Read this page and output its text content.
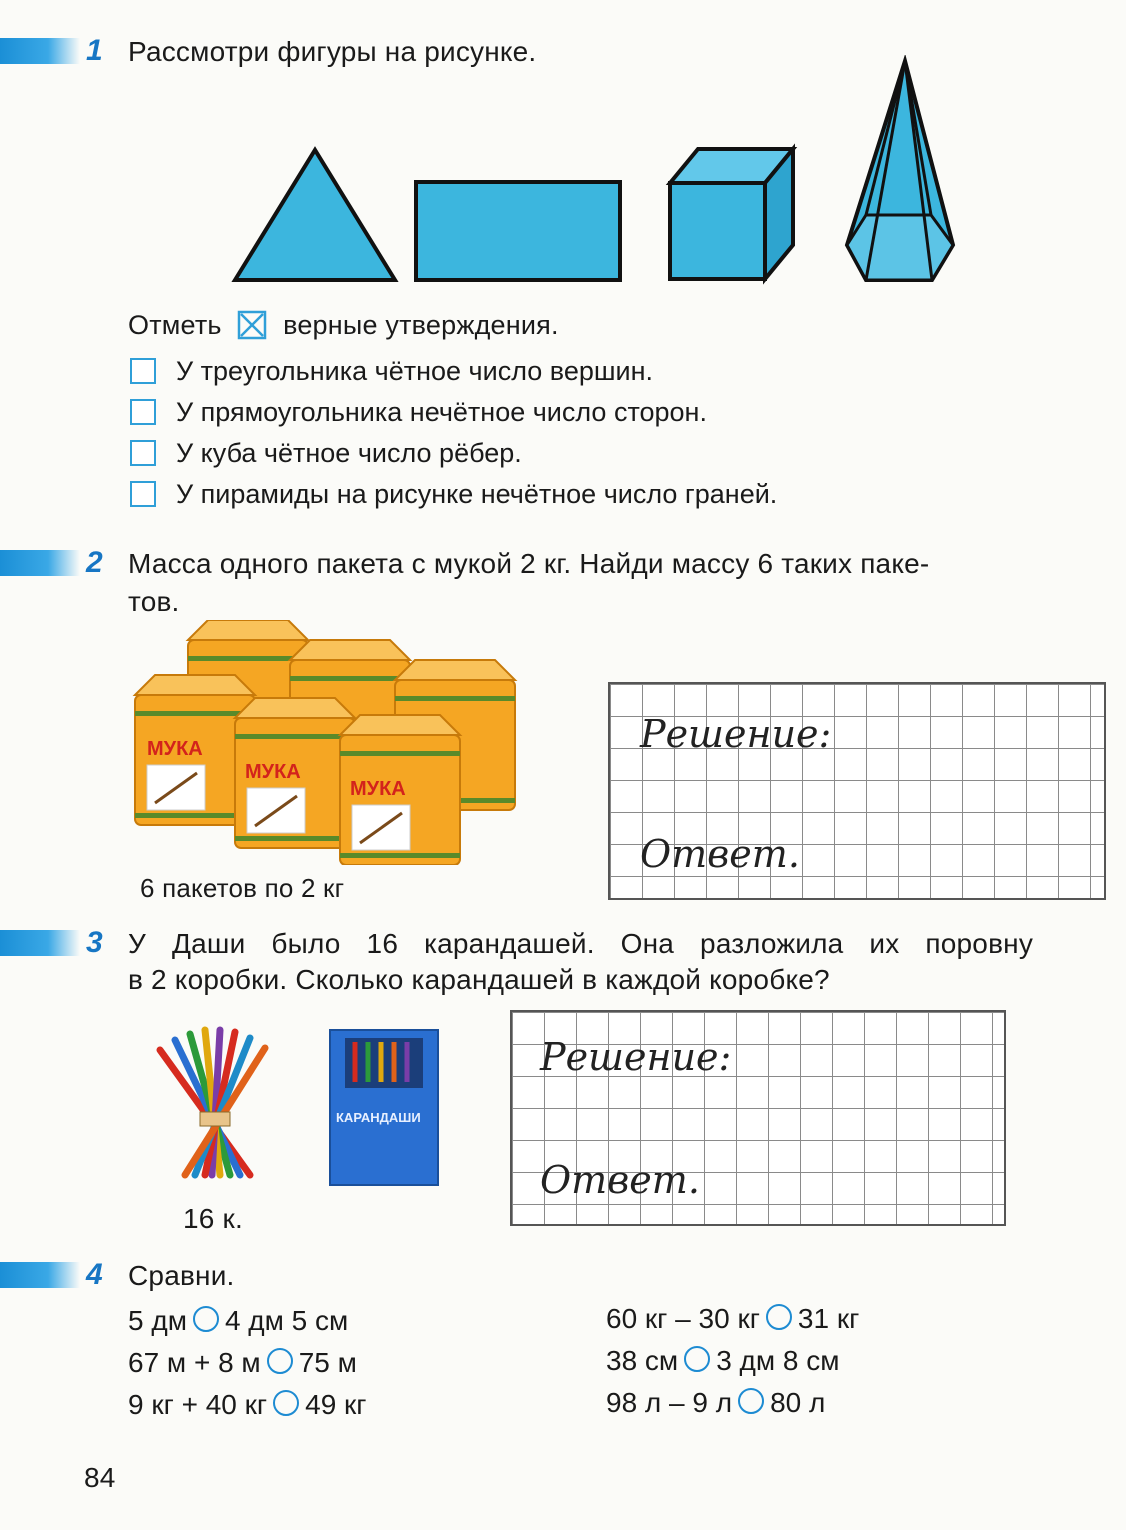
1 Рассмотри фигуры на рисунке.
Отметь верные утверждения.
У треугольника чётное число вершин.
У прямоугольника нечётное число сторон.
У куба чётное число рёбер.
У пирамиды на рисунке нечётное число граней.
2 Масса одного пакета с мукой 2 кг. Найди массу 6 таких паке-
тов.
МУКА
МУКА
МУКА
6 пакетов по 2 кг
Решение:
Ответ.
3 У Даши было 16 карандашей. Она разложила их поровну
в 2 коробки. Сколько карандашей в каждой коробке?
КАРАНДАШИ
16 к.
Решение:
Ответ.
4 Сравни.
5 дм 4 дм 5 см
67 м + 8 м 75 м
9 кг + 40 кг 49 кг
60 кг – 30 кг 31 кг
38 см 3 дм 8 см
98 л – 9 л 80 л
84
